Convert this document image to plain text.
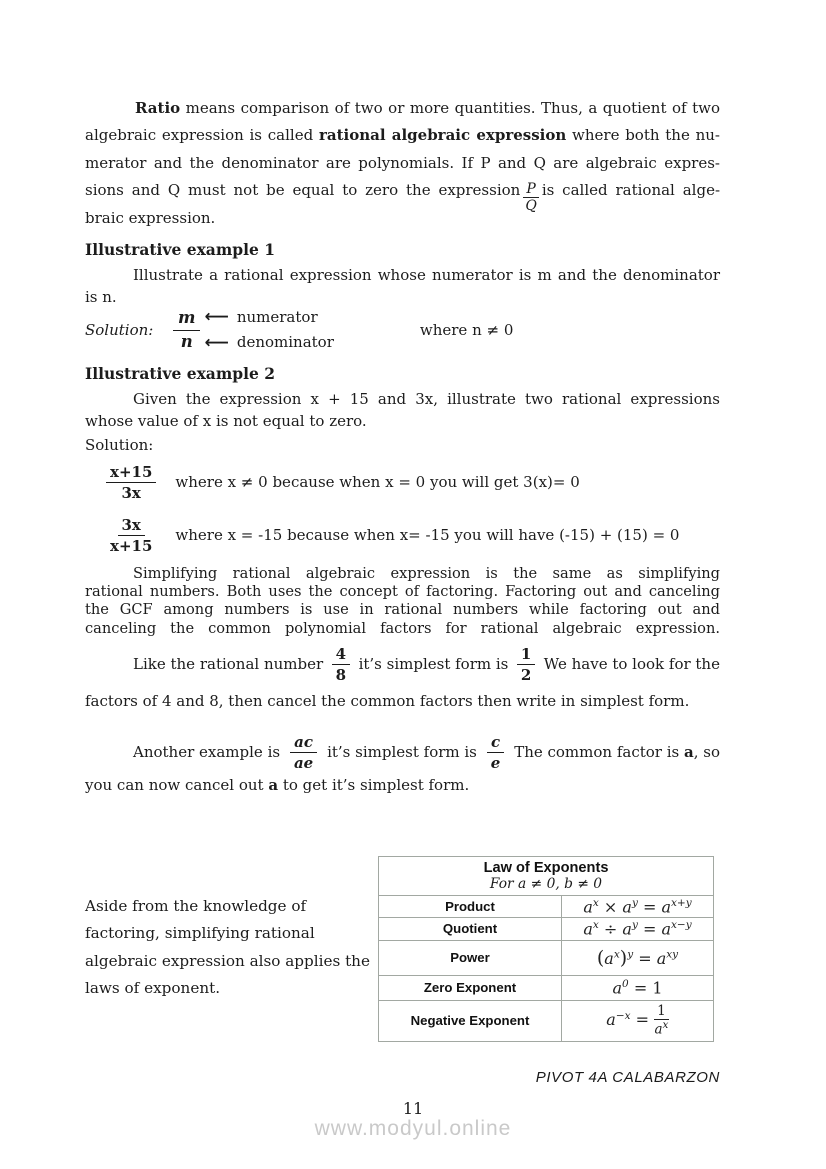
Ratio means comparison of two or more quantities. Thus, a quotient of two
algebraic expression is called rational algebraic expression where both the nu-
merator and the denominator are polynomials. If P and Q are algebraic expres-
sions and Q must not be equal to zero the expression $\frac{P}{Q}$ is called rational alge-
braic expression.
Illustrative example 1
Illustrate a rational expression whose numerator is m and the denominator
is n.
Solution:	$\frac{m}{n}$ ⟵
⟵
numerator
denominator
where n ≠ 0
Illustrative example 2
Given the expression x + 15 and 3x, illustrate two rational expressions
whose value of x is not equal to zero.
Solution:
$\frac{x+15}{3x}$ where x ≠ 0 because when x = 0 you will get 3(x)= 0
$\frac{3x}{x+15}$ where x = -15 because when x= -15 you will have (-15) + (15) = 0
Simplifying rational algebraic expression is the same as simplifying
rational numbers. Both uses the concept of factoring. Factoring out and canceling
the GCF among numbers is use in rational numbers while factoring out and
canceling the common polynomial factors for rational algebraic expression.
Like the rational number $\frac{4}{8}$ it’s simplest form is $\frac{1}{2}$ We have to look for the
factors of 4 and 8, then cancel the common factors then write in simplest form.
Another example is $\frac{ac}{ae}$ it’s simplest form is $\frac{c}{e}$ The common factor is a, so
you can now cancel out a to get it’s simplest form.
Aside from the knowledge of
factoring, simplifying rational
algebraic expression also applies the
laws of exponent.
Law of Exponents
For a ≠ 0, b ≠ 0	

Product	$a^x \times a^y = a^{x+y}$
Quotient	$a^x \div a^y = a^{x-y}$
Power	$(a^x)^y = a^{xy}$
Zero Exponent	$a^0 = 1$
Negative Exponent	$a^{-x} = \frac{1}{a^x}$
PIVOT 4A CALABARZON
11
www.modyul.online
